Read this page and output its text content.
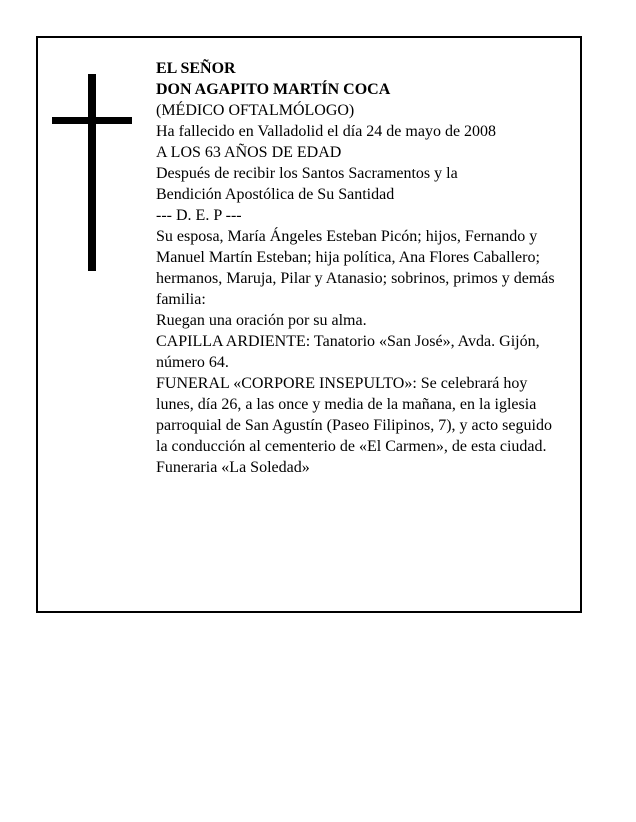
EL SEÑOR

DON AGAPITO MARTÍN COCA

(MÉDICO OFTALMÓLOGO)

Ha fallecido en Valladolid el día 24 de mayo de 2008

A LOS 63 AÑOS DE EDAD

Después de recibir los Santos Sacramentos y la

Bendición Apostólica de Su Santidad

--- D. E. P ---

Su esposa, María Ángeles Esteban Picón; hijos, Fernando y Manuel Martín Esteban; hija política, Ana Flores Caballero; hermanos, Maruja, Pilar y Atanasio; sobrinos, primos y demás familia:

Ruegan una oración por su alma.

CAPILLA ARDIENTE: Tanatorio «San José», Avda. Gijón, número 64.

FUNERAL «CORPORE INSEPULTO»: Se celebrará hoy lunes, día 26, a las once y media de la mañana, en la iglesia parroquial de San Agustín (Paseo Filipinos, 7), y acto seguido la conducción al cementerio de «El Carmen», de esta ciudad.

Funeraria «La Soledad»
